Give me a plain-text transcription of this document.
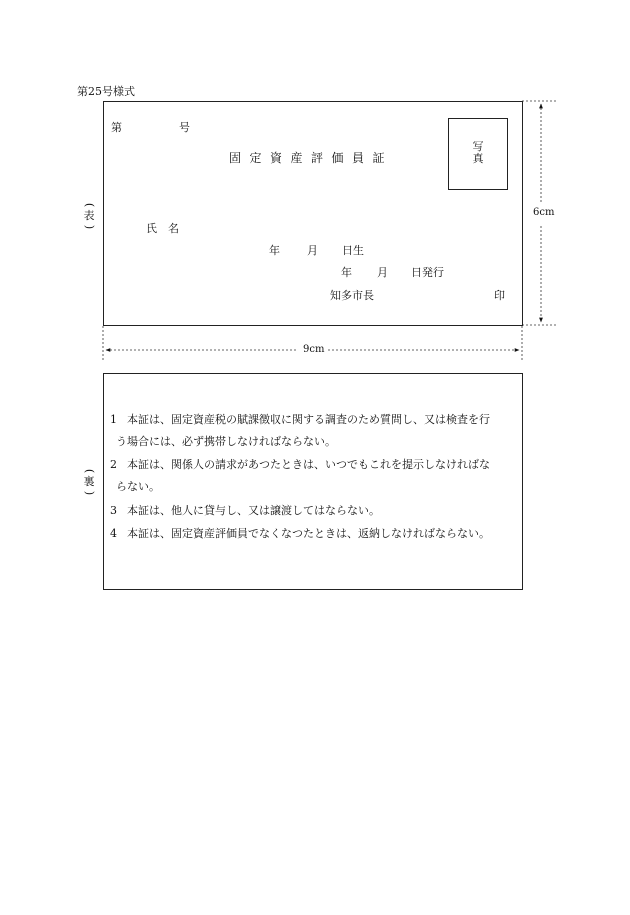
6cm
9cm
第25号様式
(
表
)
第	号
固定資産評価員証
写
真
氏　名
年 月 日生
年 月 日発行
知多市長	印
(
裏
)
1 本証は、固定資産税の賦課徴収に関する調査のため質問し、又は検査を行
う場合には、必ず携帯しなければならない。
2 本証は、関係人の請求があつたときは、いつでもこれを提示しなければな
らない。
3 本証は、他人に貸与し、又は譲渡してはならない。
4 本証は、固定資産評価員でなくなつたときは、返納しなければならない。
